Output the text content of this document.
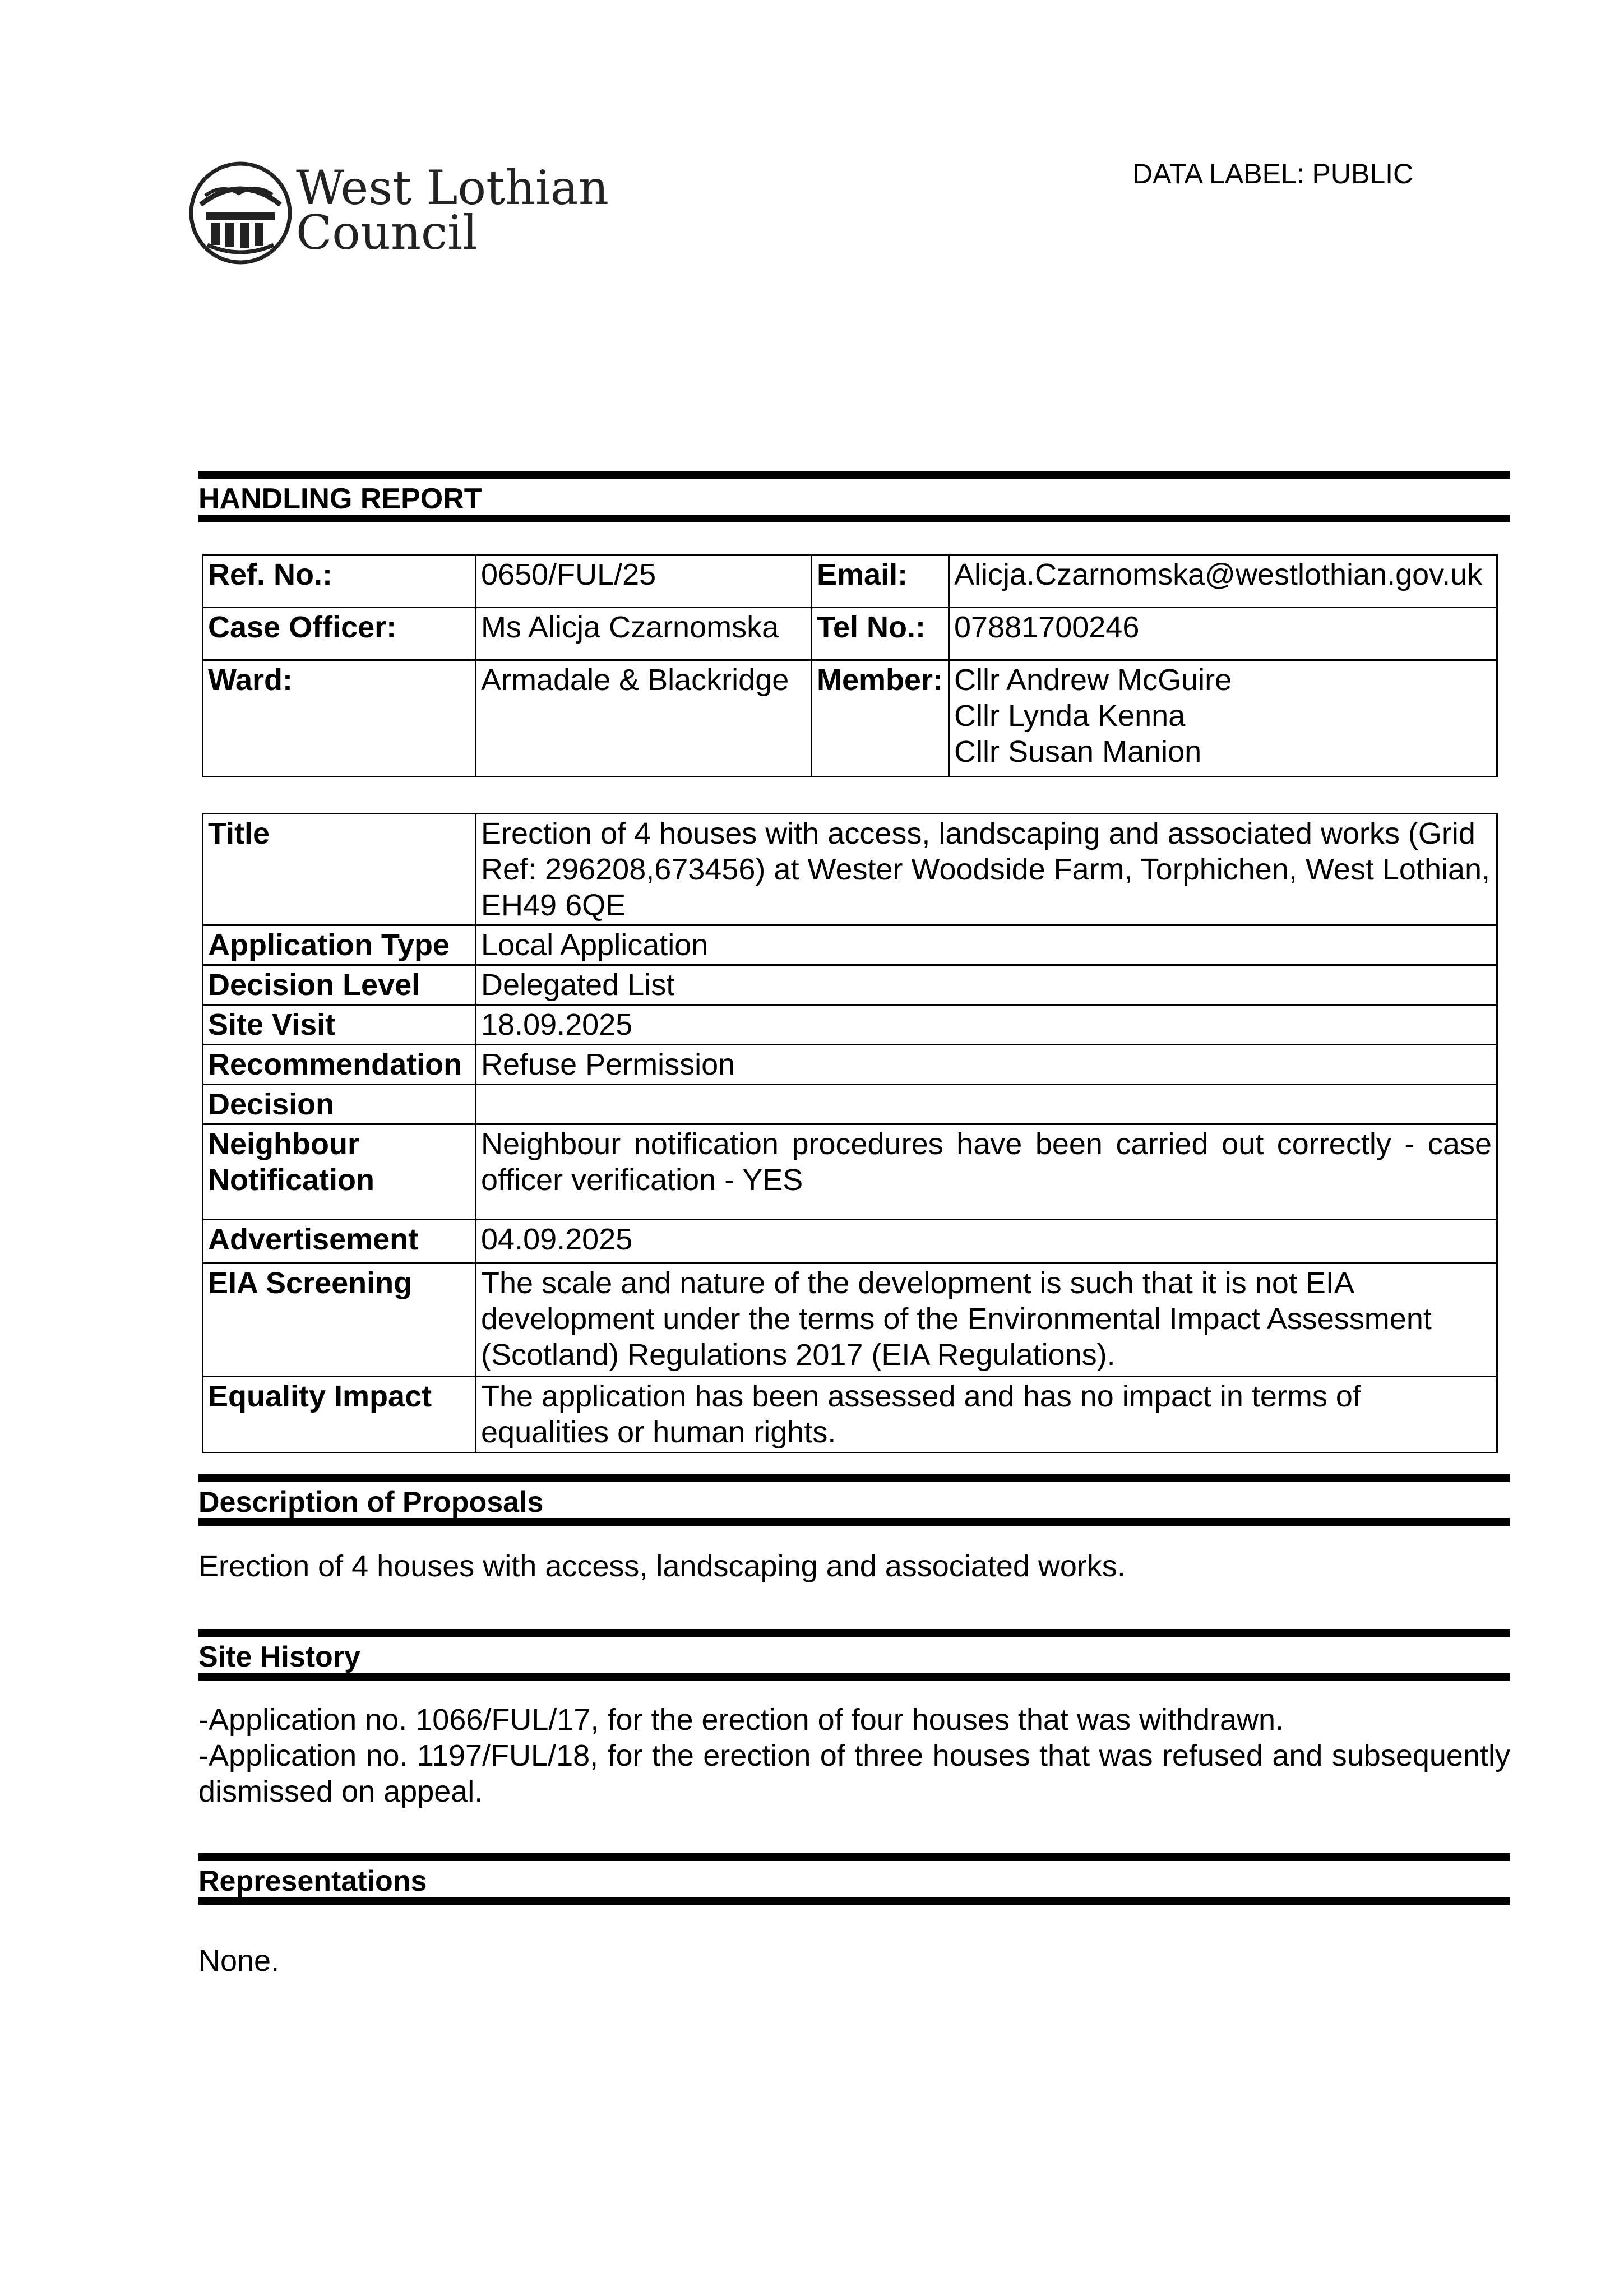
West Lothian
Council
DATA LABEL: PUBLIC
HANDLING REPORT
Ref. No.:	0650/FUL/25	Email:	Alicja.Czarnomska@westlothian.gov.uk
Case Officer:	Ms Alicja Czarnomska	Tel No.:	07881700246
Ward:	Armadale & Blackridge	Member:	Cllr Andrew McGuire
Cllr Lynda Kenna
Cllr Susan Manion
Title	Erection of 4 houses with access, landscaping and associated works (Grid Ref: 296208,673456) at Wester Woodside Farm, Torphichen, West Lothian, EH49 6QE
Application Type	Local Application
Decision Level	Delegated List
Site Visit	18.09.2025
Recommendation	Refuse Permission
Decision	
Neighbour Notification	Neighbour notification procedures have been carried out correctly - case officer verification - YES
Advertisement	04.09.2025
EIA Screening	The scale and nature of the development is such that it is not EIA development under the terms of the Environmental Impact Assessment (Scotland) Regulations 2017 (EIA Regulations).
Equality Impact	The application has been assessed and has no impact in terms of equalities or human rights.
Description of Proposals
Erection of 4 houses with access, landscaping and associated works.
Site History
-Application no. 1066/FUL/17, for the erection of four houses that was withdrawn.
-Application no. 1197/FUL/18, for the erection of three houses that was refused and subsequently dismissed on appeal.
Representations
None.
